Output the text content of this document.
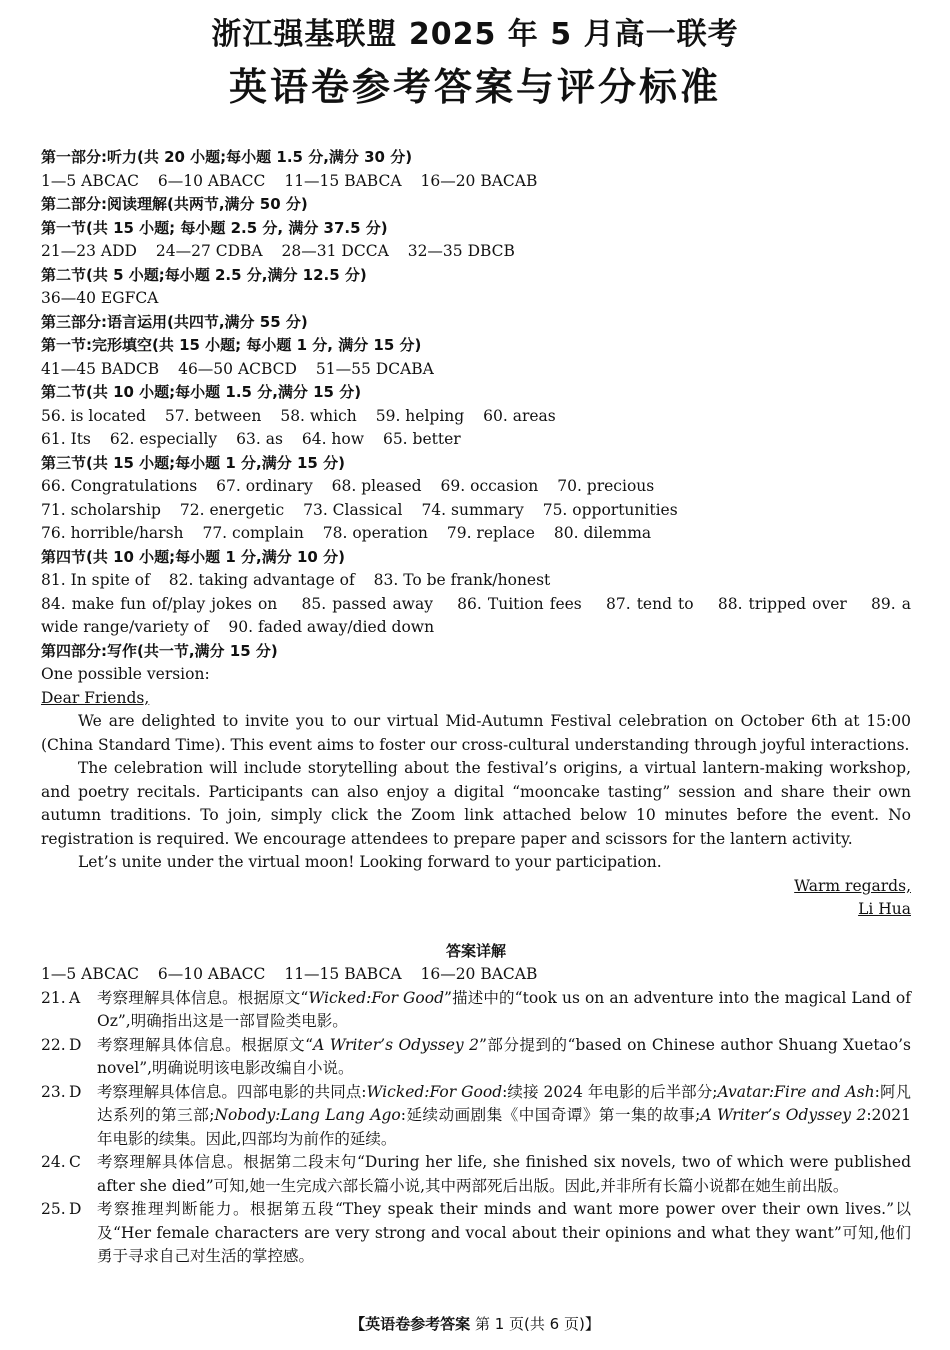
浙江强基联盟 2025 年 5 月高一联考
英语卷参考答案与评分标准
第一部分:听力(共 20 小题;每小题 1.5 分,满分 30 分)
1—5 ABCAC 6—10 ABACC 11—15 BABCA 16—20 BACAB
第二部分:阅读理解(共两节,满分 50 分)
第一节(共 15 小题; 每小题 2.5 分, 满分 37.5 分)
21—23 ADD 24—27 CDBA 28—31 DCCA 32—35 DBCB
第二节(共 5 小题;每小题 2.5 分,满分 12.5 分)
36—40 EGFCA
第三部分:语言运用(共四节,满分 55 分)
第一节:完形填空(共 15 小题; 每小题 1 分, 满分 15 分)
41—45 BADCB 46—50 ACBCD 51—55 DCABA
第二节(共 10 小题;每小题 1.5 分,满分 15 分)
56. is located 57. between 58. which 59. helping 60. areas
61. Its 62. especially 63. as 64. how 65. better
第三节(共 15 小题;每小题 1 分,满分 15 分)
66. Congratulations 67. ordinary 68. pleased 69. occasion 70. precious
71. scholarship 72. energetic 73. Classical 74. summary 75. opportunities
76. horrible/harsh 77. complain 78. operation 79. replace 80. dilemma
第四节(共 10 小题;每小题 1 分,满分 10 分)
81. In spite of 82. taking advantage of 83. To be frank/honest
84. make fun of/play jokes on    85. passed away    86. Tuition fees    87. tend to    88. tripped over    89. a wide range/variety of    90. faded away/died down
第四部分:写作(共一节,满分 15 分)
One possible version:
Dear Friends,

We are delighted to invite you to our virtual Mid-Autumn Festival celebration on October 6th at 15:00 (China Standard Time). This event aims to foster our cross-cultural understanding through joyful interactions.

The celebration will include storytelling about the festival’s origins, a virtual lantern-making workshop, and poetry recitals. Participants can also enjoy a digital “mooncake tasting” session and share their own autumn traditions. To join, simply click the Zoom link attached below 10 minutes before the event. No registration is required. We encourage attendees to prepare paper and scissors for the lantern activity.

Let’s unite under the virtual moon! Looking forward to your participation.

Warm regards,
Li Hua
答案详解
1—5 ABCAC 6—10 ABACC 11—15 BABCA 16—20 BACAB
21. A	考察理解具体信息。根据原文“Wicked:For Good”描述中的“took us on an adventure into the magical Land of Oz”,明确指出这是一部冒险类电影。
22. D	考察理解具体信息。根据原文“A Writer’s Odyssey 2”部分提到的“based on Chinese author Shuang Xuetao’s novel”,明确说明该电影改编自小说。
23. D	考察理解具体信息。四部电影的共同点:Wicked:For Good:续接 2024 年电影的后半部分;Avatar:Fire and Ash:阿凡达系列的第三部;Nobody:Lang Lang Ago:延续动画剧集《中国奇谭》第一集的故事;A Writer’s Odyssey 2:2021 年电影的续集。因此,四部均为前作的延续。
24. C	考察理解具体信息。根据第二段末句“During her life, she finished six novels, two of which were published after she died”可知,她一生完成六部长篇小说,其中两部死后出版。因此,并非所有长篇小说都在她生前出版。
25. D	考察推理判断能力。根据第五段“They speak their minds and want more power over their own lives.”以及“Her female characters are very strong and vocal about their opinions and what they want”可知,他们勇于寻求自己对生活的掌控感。
【英语卷参考答案 第 1 页(共 6 页)】
